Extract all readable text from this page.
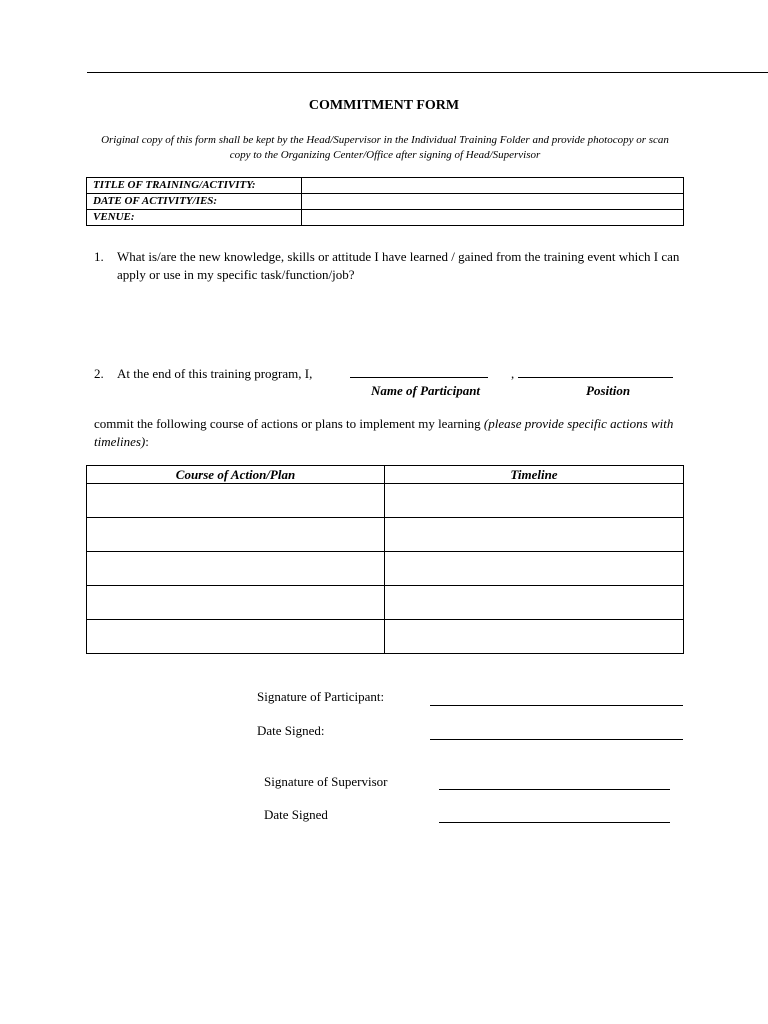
COMMITMENT FORM
Original copy of this form shall be kept by the Head/Supervisor in the Individual Training Folder and provide photocopy or scan copy to the Organizing Center/Office after signing of Head/Supervisor
TITLE OF TRAINING/ACTIVITY:	
DATE OF ACTIVITY/IES:	
VENUE:	
1. What is/are the new knowledge, skills or attitude I have learned / gained from the training event which I can apply or use in my specific task/function/job?
2. At the end of this training program, I,	,
Name of Participant	Position
commit the following course of actions or plans to implement my learning (please provide specific actions with timelines):
Course of Action/Plan	Timeline

Signature of Participant:
Date Signed:
Signature of Supervisor
Date Signed
